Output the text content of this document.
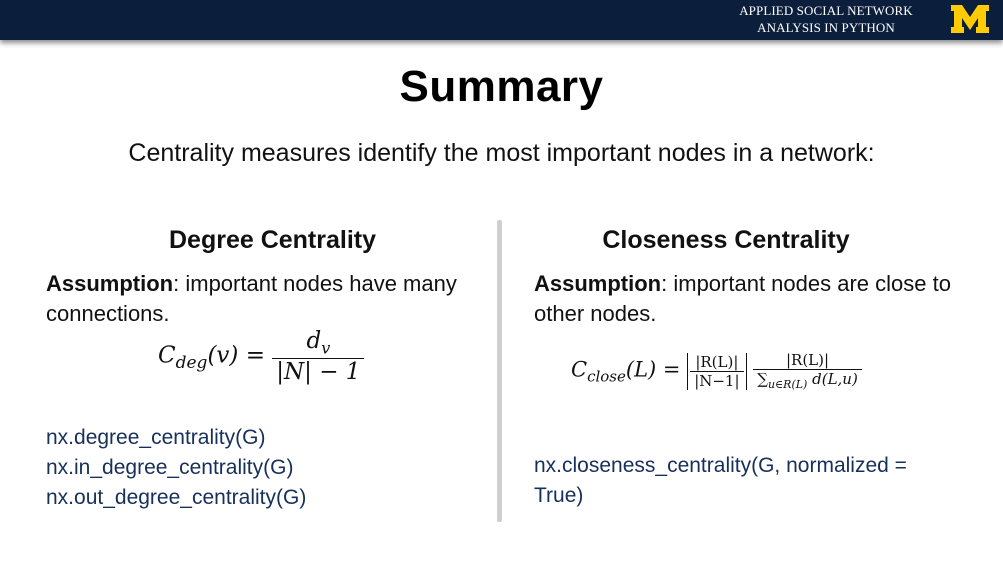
APPLIED SOCIAL NETWORK
ANALYSIS IN PYTHON
Summary
Centrality measures identify the most important nodes in a network:
Degree Centrality
Assumption: important nodes have many connections.
$C_{deg}(v) = \frac{d_v}{|N| - 1}$
nx.degree_centrality(G)
nx.in_degree_centrality(G)
nx.out_degree_centrality(G)
Closeness Centrality
Assumption: important nodes are close to other nodes.
$C_{close}(L) = \frac{|R(L)|}{|N-1|}$
$\frac{|R(L)|}{\sum_{u\in R(L)} d(L,u)}$
nx.closeness_centrality(G, normalized =
True)
